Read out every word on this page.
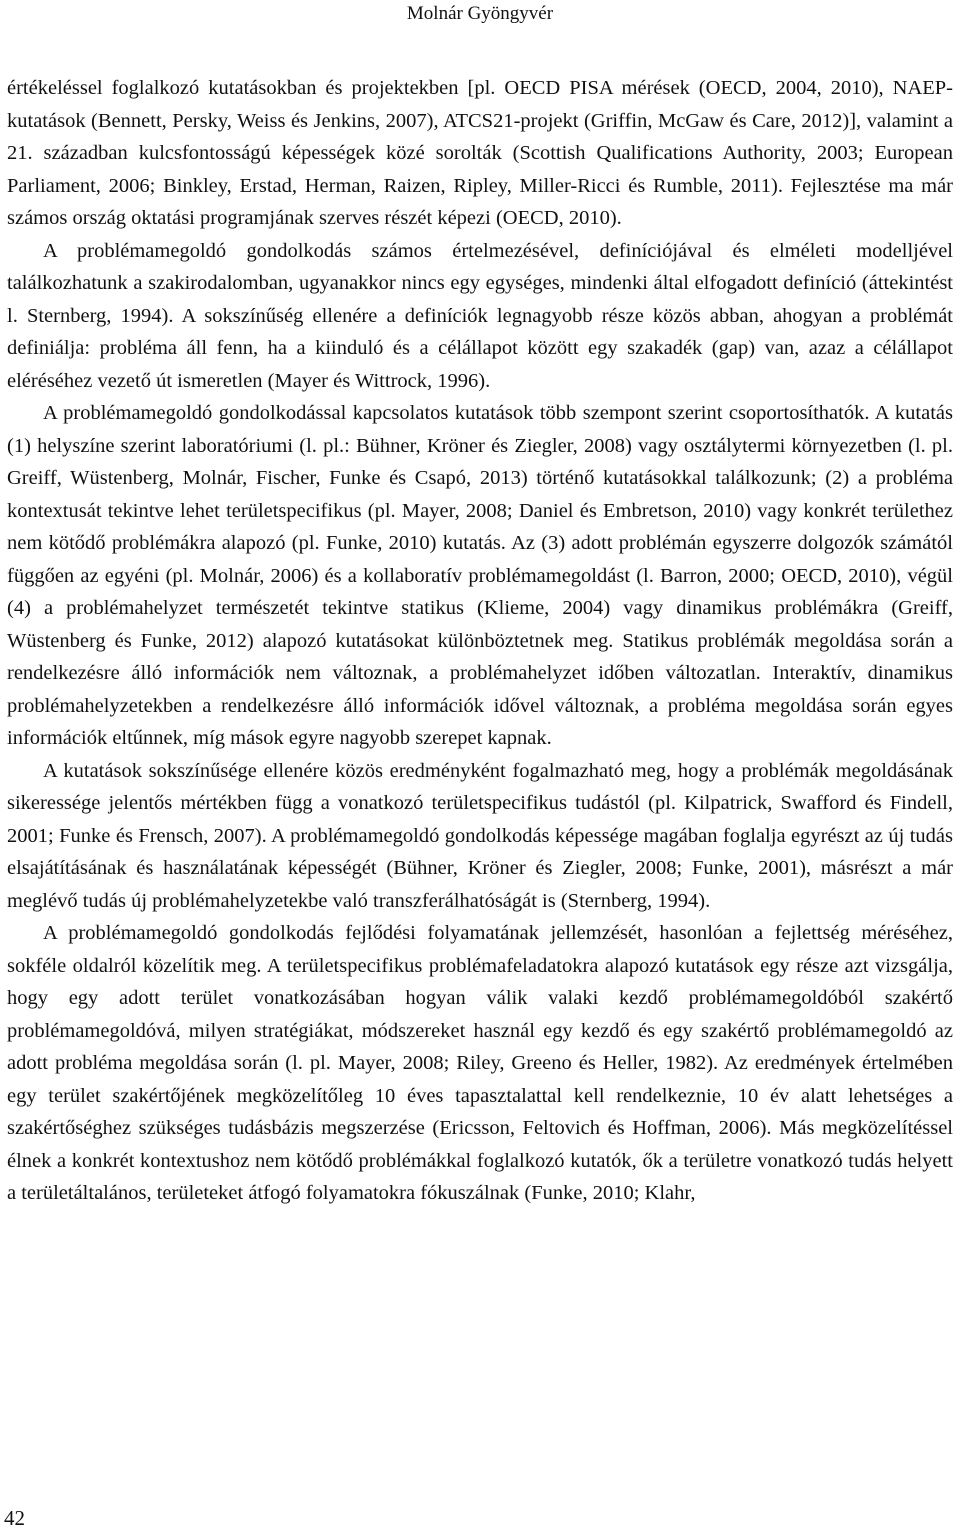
Molnár Gyöngyvér

értékeléssel foglalkozó kutatásokban és projektekben [pl. OECD PISA mérések (OECD, 2004, 2010), NAEP-kutatások (Bennett, Persky, Weiss és Jenkins, 2007), ATCS21-projekt (Griffin, McGaw és Care, 2012)], valamint a 21. században kulcsfontosságú képességek közé sorolták (Scottish Qualifications Authority, 2003; European Parliament, 2006; Binkley, Erstad, Herman, Raizen, Ripley, Miller-Ricci és Rumble, 2011). Fejlesztése ma már számos ország oktatási programjának szerves részét képezi (OECD, 2010).

A problémamegoldó gondolkodás számos értelmezésével, definíciójával és elméleti modelljével találkozhatunk a szakirodalomban, ugyanakkor nincs egy egységes, mindenki által elfogadott definíció (áttekintést l. Sternberg, 1994). A sokszínűség ellenére a definíciók legnagyobb része közös abban, ahogyan a problémát definiálja: probléma áll fenn, ha a kiinduló és a célállapot között egy szakadék (gap) van, azaz a célállapot eléréséhez vezető út ismeretlen (Mayer és Wittrock, 1996).

A problémamegoldó gondolkodással kapcsolatos kutatások több szempont szerint csoportosíthatók. A kutatás (1) helyszíne szerint laboratóriumi (l. pl.: Bühner, Kröner és Ziegler, 2008) vagy osztálytermi környezetben (l. pl. Greiff, Wüstenberg, Molnár, Fischer, Funke és Csapó, 2013) történő kutatásokkal találkozunk; (2) a probléma kontextusát tekintve lehet területspecifikus (pl. Mayer, 2008; Daniel és Embretson, 2010) vagy konkrét területhez nem kötődő problémákra alapozó (pl. Funke, 2010) kutatás. Az (3) adott problémán egyszerre dolgozók számától függően az egyéni (pl. Molnár, 2006) és a kollaboratív problémamegoldást (l. Barron, 2000; OECD, 2010), végül (4) a problémahelyzet természetét tekintve statikus (Klieme, 2004) vagy dinamikus problémákra (Greiff, Wüstenberg és Funke, 2012) alapozó kutatásokat különböztetnek meg. Statikus problémák megoldása során a rendelkezésre álló információk nem változnak, a problémahelyzet időben változatlan. Interaktív, dinamikus problémahelyzetekben a rendelkezésre álló információk idővel változnak, a probléma megoldása során egyes információk eltűnnek, míg mások egyre nagyobb szerepet kapnak.

A kutatások sokszínűsége ellenére közös eredményként fogalmazható meg, hogy a problémák megoldásának sikeressége jelentős mértékben függ a vonatkozó területspecifikus tudástól (pl. Kilpatrick, Swafford és Findell, 2001; Funke és Frensch, 2007). A problémamegoldó gondolkodás képessége magában foglalja egyrészt az új tudás elsajátításának és használatának képességét (Bühner, Kröner és Ziegler, 2008; Funke, 2001), másrészt a már meglévő tudás új problémahelyzetekbe való transzferálhatóságát is (Sternberg, 1994).

A problémamegoldó gondolkodás fejlődési folyamatának jellemzését, hasonlóan a fejlettség méréséhez, sokféle oldalról közelítik meg. A területspecifikus problémafeladatokra alapozó kutatások egy része azt vizsgálja, hogy egy adott terület vonatkozásában hogyan válik valaki kezdő problémamegoldóból szakértő problémamegoldóvá, milyen stratégiákat, módszereket használ egy kezdő és egy szakértő problémamegoldó az adott probléma megoldása során (l. pl. Mayer, 2008; Riley, Greeno és Heller, 1982). Az eredmények értelmében egy terület szakértőjének megközelítőleg 10 éves tapasztalattal kell rendelkeznie, 10 év alatt lehetséges a szakértőséghez szükséges tudásbázis megszerzése (Ericsson, Feltovich és Hoffman, 2006). Más megközelítéssel élnek a konkrét kontextushoz nem kötődő problémákkal foglalkozó kutatók, ők a területre vonatkozó tudás helyett a területáltalános, területeket átfogó folyamatokra fókuszálnak (Funke, 2010; Klahr,

42
